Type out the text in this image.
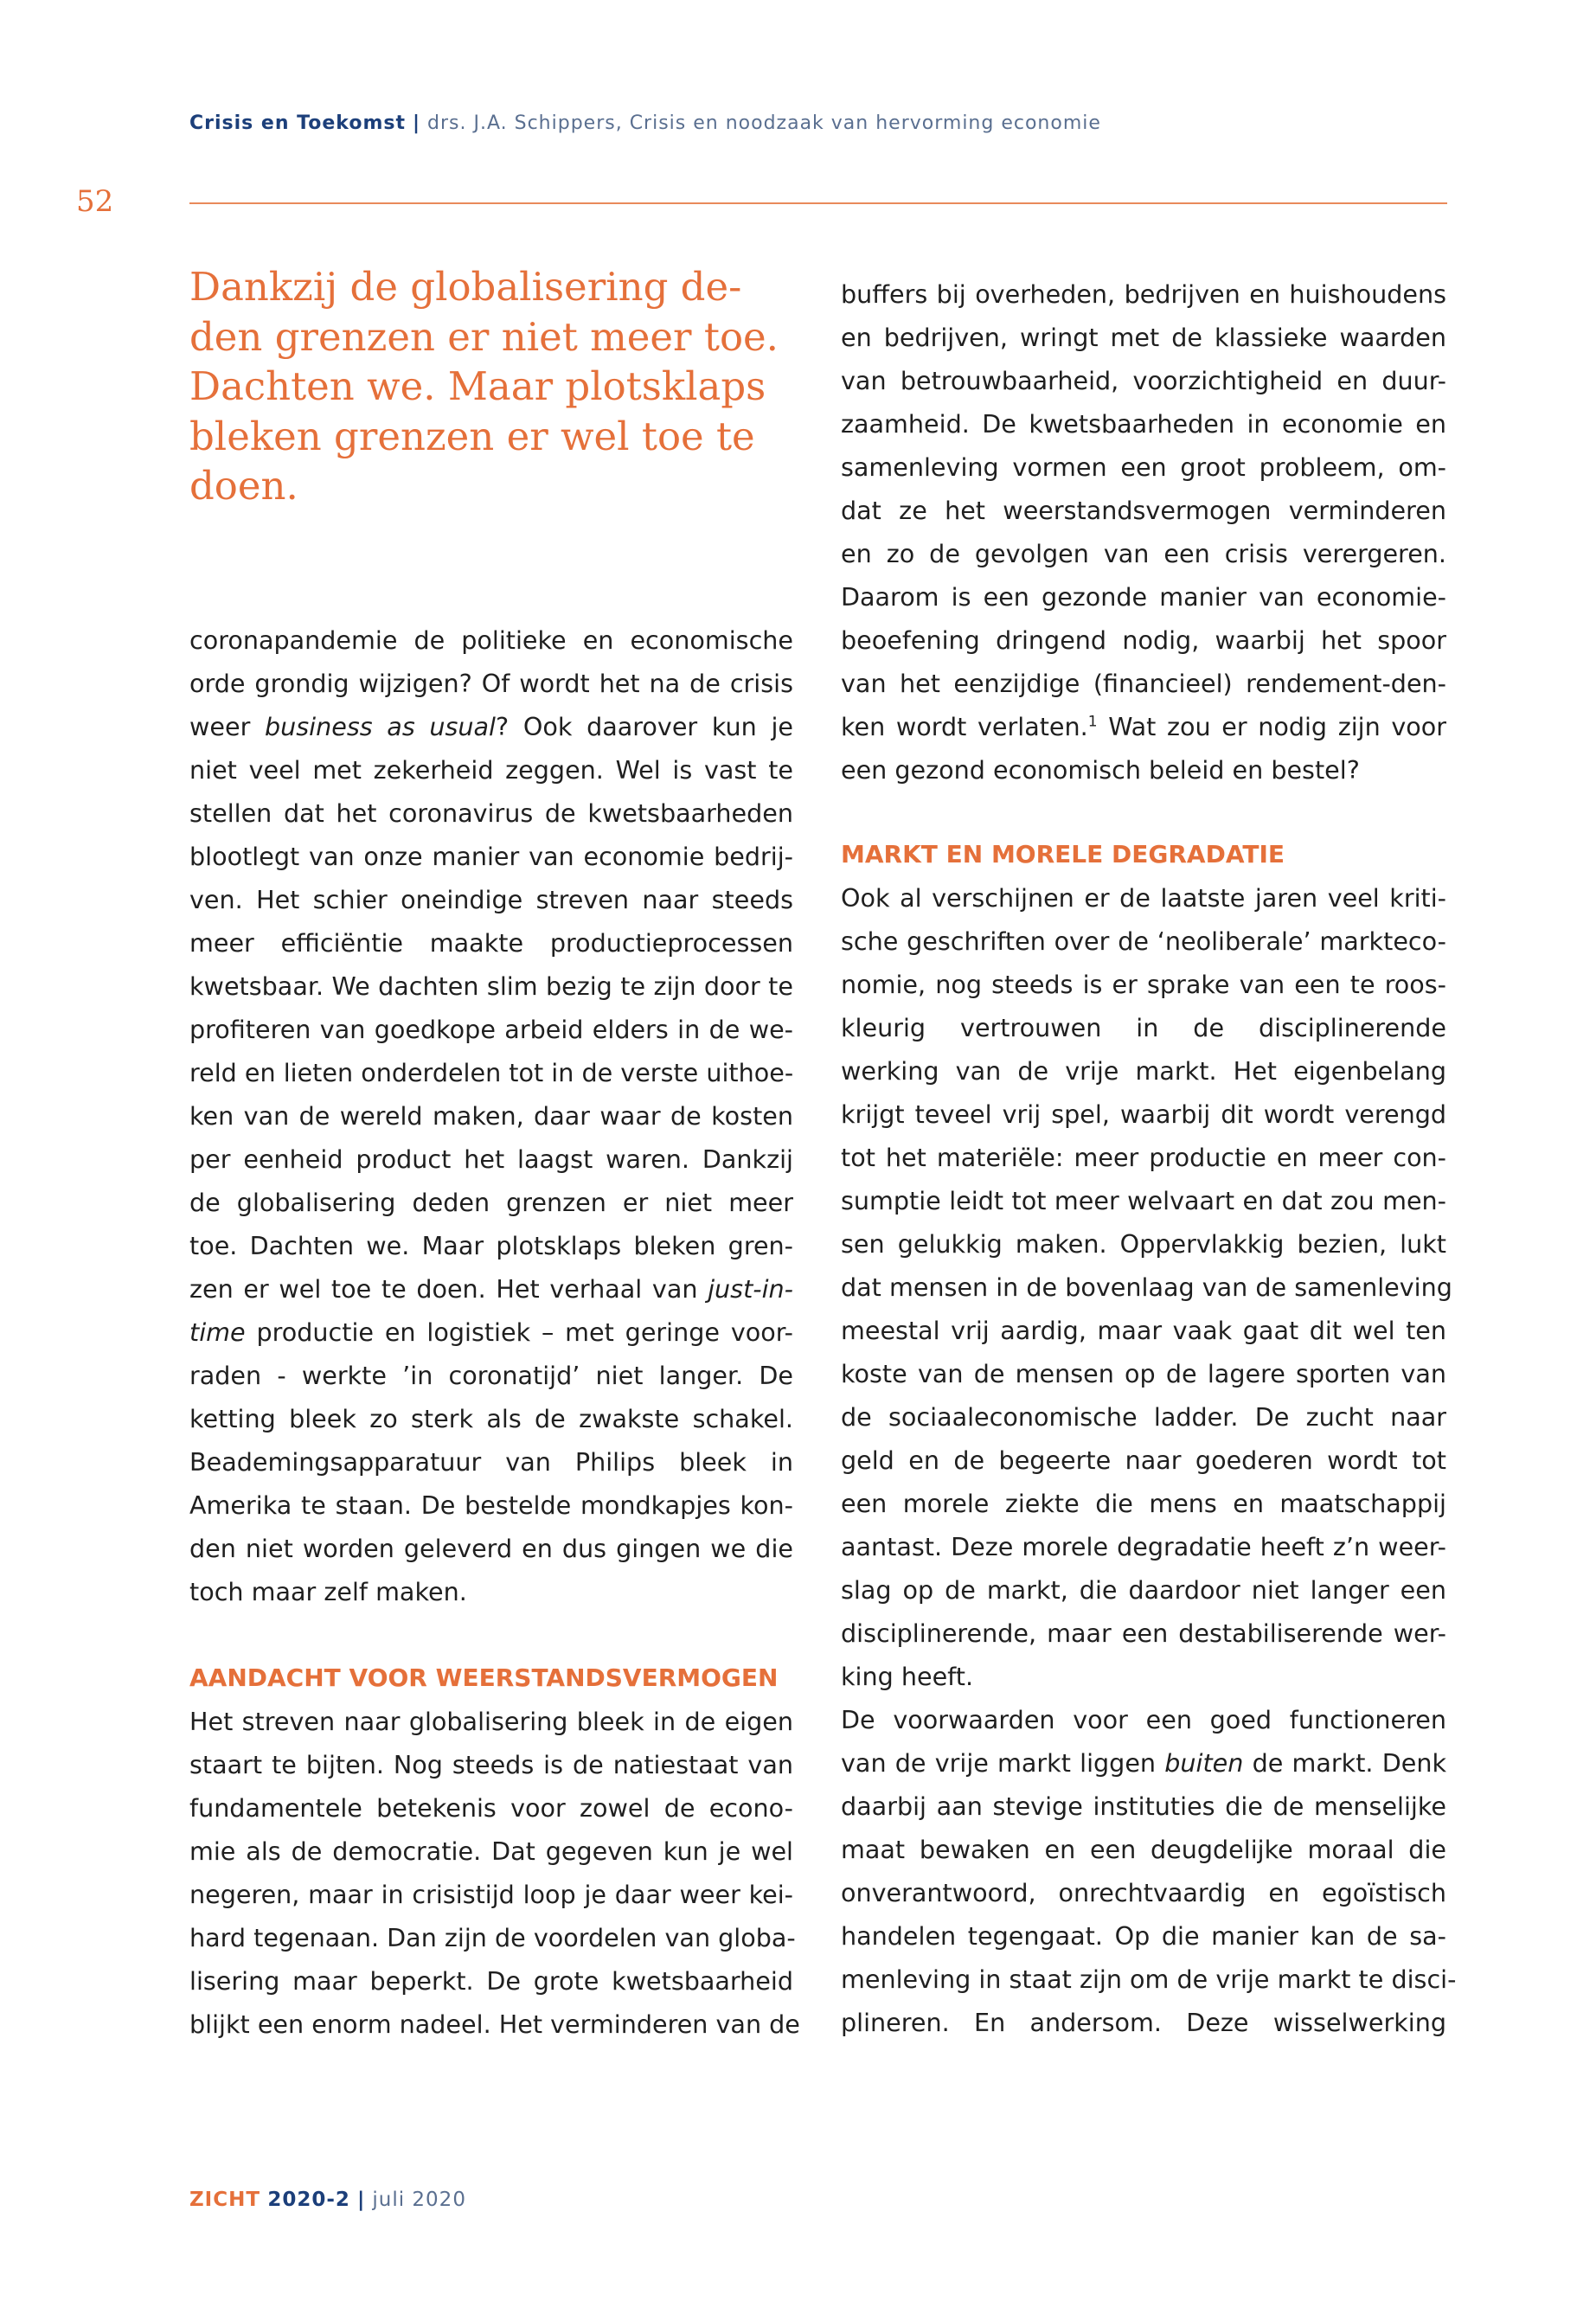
Crisis en Toekomst | drs. J.A. Schippers, Crisis en noodzaak van hervorming economie
52
Dankzij de globalisering de-
den grenzen er niet meer toe.
Dachten we. Maar plotsklaps
bleken grenzen er wel toe te
doen.
coronapandemie de politieke en economische
orde grondig wijzigen? Of wordt het na de crisis
weer business as usual? Ook daarover kun je
niet veel met zekerheid zeggen. Wel is vast te
stellen dat het coronavirus de kwetsbaarheden
blootlegt van onze manier van economie bedrij-
ven. Het schier oneindige streven naar steeds
meer efficiëntie maakte productieprocessen
kwetsbaar. We dachten slim bezig te zijn door te
profiteren van goedkope arbeid elders in de we-
reld en lieten onderdelen tot in de verste uithoe-
ken van de wereld maken, daar waar de kosten
per eenheid product het laagst waren. Dankzij
de globalisering deden grenzen er niet meer
toe. Dachten we. Maar plotsklaps bleken gren-
zen er wel toe te doen. Het verhaal van just-in-
time productie en logistiek – met geringe voor-
raden - werkte ’in coronatijd’ niet langer. De
ketting bleek zo sterk als de zwakste schakel.
Beademingsapparatuur van Philips bleek in
Amerika te staan. De bestelde mondkapjes kon-
den niet worden geleverd en dus gingen we die
toch maar zelf maken.
AANDACHT VOOR WEERSTANDSVERMOGEN
Het streven naar globalisering bleek in de eigen
staart te bijten. Nog steeds is de natiestaat van
fundamentele betekenis voor zowel de econo-
mie als de democratie. Dat gegeven kun je wel
negeren, maar in crisistijd loop je daar weer kei-
hard tegenaan. Dan zijn de voordelen van globa-
lisering maar beperkt. De grote kwetsbaarheid
blijkt een enorm nadeel. Het verminderen van de
buffers bij overheden, bedrijven en huishoudens
en bedrijven, wringt met de klassieke waarden
van betrouwbaarheid, voorzichtigheid en duur-
zaamheid. De kwetsbaarheden in economie en
samenleving vormen een groot probleem, om-
dat ze het weerstandsvermogen verminderen
en zo de gevolgen van een crisis verergeren.
Daarom is een gezonde manier van economie-
beoefening dringend nodig, waarbij het spoor
van het eenzijdige (financieel) rendement-den-
ken wordt verlaten.$^1$ Wat zou er nodig zijn voor
een gezond economisch beleid en bestel?
MARKT EN MORELE DEGRADATIE
Ook al verschijnen er de laatste jaren veel kriti-
sche geschriften over de ‘neoliberale’ markteco-
nomie, nog steeds is er sprake van een te roos-
kleurig vertrouwen in de disciplinerende
werking van de vrije markt. Het eigenbelang
krijgt teveel vrij spel, waarbij dit wordt verengd
tot het materiële: meer productie en meer con-
sumptie leidt tot meer welvaart en dat zou men-
sen gelukkig maken. Oppervlakkig bezien, lukt
dat mensen in de bovenlaag van de samenleving
meestal vrij aardig, maar vaak gaat dit wel ten
koste van de mensen op de lagere sporten van
de sociaaleconomische ladder. De zucht naar
geld en de begeerte naar goederen wordt tot
een morele ziekte die mens en maatschappij
aantast. Deze morele degradatie heeft z’n weer-
slag op de markt, die daardoor niet langer een
disciplinerende, maar een destabiliserende wer-
king heeft.
De voorwaarden voor een goed functioneren
van de vrije markt liggen buiten de markt. Denk
daarbij aan stevige instituties die de menselijke
maat bewaken en een deugdelijke moraal die
onverantwoord, onrechtvaardig en egoïstisch
handelen tegengaat. Op die manier kan de sa-
menleving in staat zijn om de vrije markt te disci-
plineren. En andersom. Deze wisselwerking
ZICHT 2020-2 | juli 2020
